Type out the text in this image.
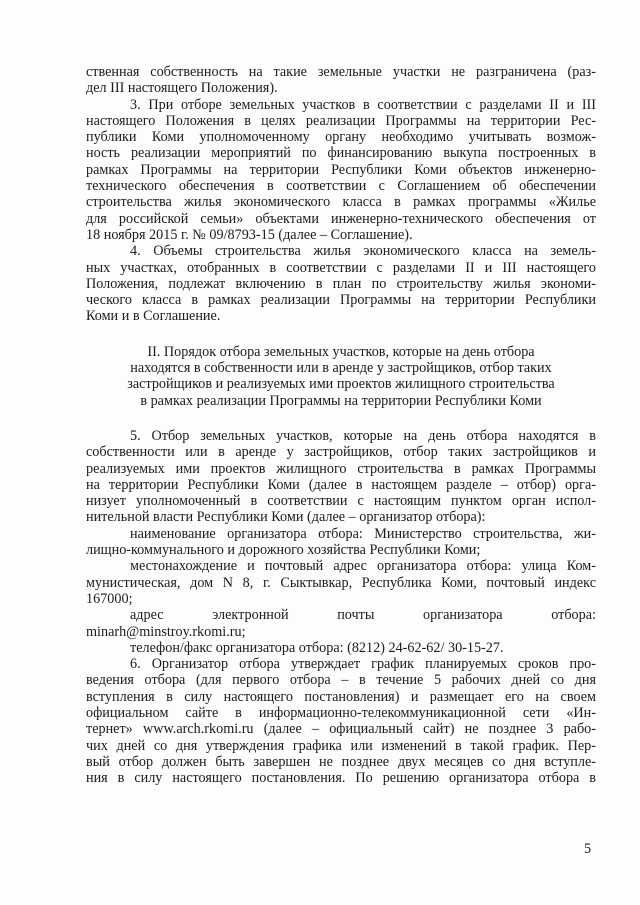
ственная собственность на такие земельные участки не разграничена (раз-
дел III настоящего Положения).
3. При отборе земельных участков в соответствии с разделами II и III
настоящего Положения в целях реализации Программы на территории Рес-
публики Коми уполномоченному органу необходимо учитывать возмож-
ность реализации мероприятий по финансированию выкупа построенных в
рамках Программы на территории Республики Коми объектов инженерно-
технического обеспечения в соответствии с Соглашением об обеспечении
строительства жилья экономического класса в рамках программы «Жилье
для российской семьи» объектами инженерно-технического обеспечения от
18 ноября 2015 г. № 09/8793-15 (далее – Соглашение).
4. Объемы строительства жилья экономического класса на земель-
ных участках, отобранных в соответствии с разделами II и III настоящего
Положения, подлежат включению в план по строительству жилья экономи-
ческого класса в рамках реализации Программы на территории Республики
Коми и в Соглашение.
II. Порядок отбора земельных участков, которые на день отбора
находятся в собственности или в аренде у застройщиков, отбор таких
застройщиков и реализуемых ими проектов жилищного строительства
в рамках реализации Программы на территории Республики Коми
5. Отбор земельных участков, которые на день отбора находятся в
собственности или в аренде у застройщиков, отбор таких застройщиков и
реализуемых ими проектов жилищного строительства в рамках Программы
на территории Республики Коми (далее в настоящем разделе – отбор) орга-
низует уполномоченный в соответствии с настоящим пунктом орган испол-
нительной власти Республики Коми (далее – организатор отбора):
наименование организатора отбора: Министерство строительства, жи-
лищно-коммунального и дорожного хозяйства Республики Коми;
местонахождение и почтовый адрес организатора отбора: улица Ком-
мунистическая, дом N 8, г. Сыктывкар, Республика Коми, почтовый индекс
167000;
адрес электронной почты организатора отбора:
minarh@minstroy.rkomi.ru;
телефон/факс организатора отбора: (8212) 24-62-62/ 30-15-27.
6. Организатор отбора утверждает график планируемых сроков про-
ведения отбора (для первого отбора – в течение 5 рабочих дней со дня
вступления в силу настоящего постановления) и размещает его на своем
официальном сайте в информационно-телекоммуникационной сети «Ин-
тернет» www.arch.rkomi.ru (далее – официальный сайт) не позднее 3 рабо-
чих дней со дня утверждения графика или изменений в такой график. Пер-
вый отбор должен быть завершен не позднее двух месяцев со дня вступле-
ния в силу настоящего постановления. По решению организатора отбора в
5
